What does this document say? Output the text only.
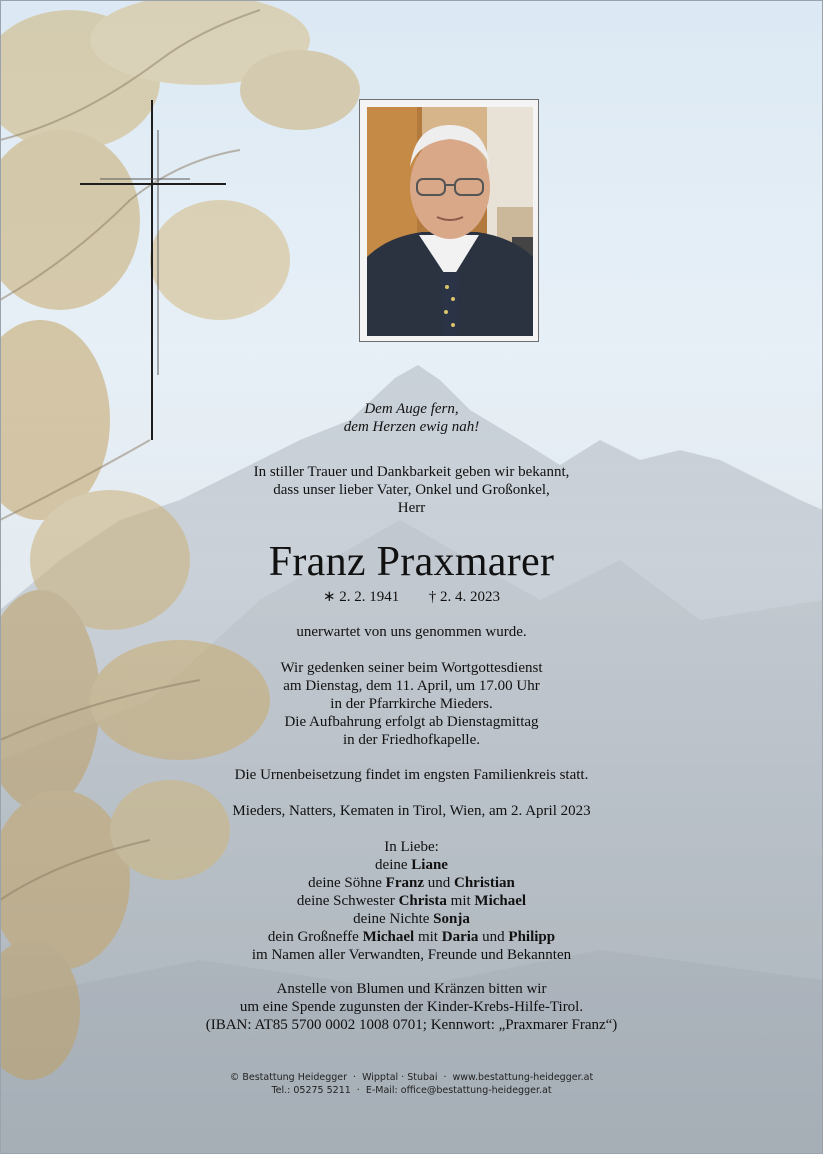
Dem Auge fern,

dem Herzen ewig nah!

In stiller Trauer und Dankbarkeit geben wir bekannt,

dass unser lieber Vater, Onkel und Großonkel,

Herr

Franz Praxmarer

∗ 2. 2. 1941 † 2. 4. 2023

unerwartet von uns genommen wurde.

Wir gedenken seiner beim Wortgottesdienst

am Dienstag, dem 11. April, um 17.00 Uhr

in der Pfarrkirche Mieders.

Die Aufbahrung erfolgt ab Dienstagmittag

in der Friedhofkapelle.

Die Urnenbeisetzung findet im engsten Familienkreis statt.

Mieders, Natters, Kematen in Tirol, Wien, am 2. April 2023

In Liebe:

deine Liane

deine Söhne Franz und Christian

deine Schwester Christa mit Michael

deine Nichte Sonja

dein Großneffe Michael mit Daria und Philipp

im Namen aller Verwandten, Freunde und Bekannten

Anstelle von Blumen und Kränzen bitten wir

um eine Spende zugunsten der Kinder-Krebs-Hilfe-Tirol.

(IBAN: AT85 5700 0002 1008 0701; Kennwort: „Praxmarer Franz“)

© Bestattung Heidegger · Wipptal · Stubai · www.bestattung-heidegger.at
Tel.: 05275 5211 · E-Mail: office@bestattung-heidegger.at
